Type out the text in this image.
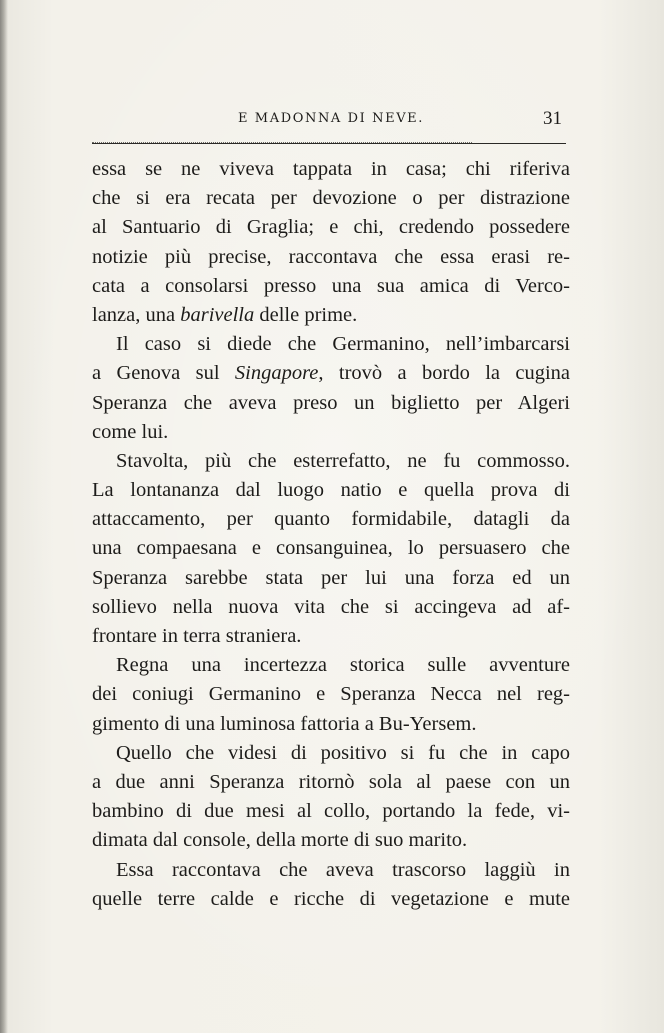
E MADONNA DI NEVE.	31
essa se ne viveva tappata in casa; chi riferiva
che si era recata per devozione o per distrazione
al Santuario di Graglia; e chi, credendo possedere
notizie più precise, raccontava che essa erasi re-
cata a consolarsi presso una sua amica di Verco-
lanza, una barivella delle prime.
Il caso si diede che Germanino, nell’imbarcarsi
a Genova sul Singapore, trovò a bordo la cugina
Speranza che aveva preso un biglietto per Algeri
come lui.
Stavolta, più che esterrefatto, ne fu commosso.
La lontananza dal luogo natio e quella prova di
attaccamento, per quanto formidabile, datagli da
una compaesana e consanguinea, lo persuasero che
Speranza sarebbe stata per lui una forza ed un
sollievo nella nuova vita che si accingeva ad af-
frontare in terra straniera.
Regna una incertezza storica sulle avventure
dei coniugi Germanino e Speranza Necca nel reg-
gimento di una luminosa fattoria a Bu-Yersem.
Quello che videsi di positivo si fu che in capo
a due anni Speranza ritornò sola al paese con un
bambino di due mesi al collo, portando la fede, vi-
dimata dal console, della morte di suo marito.
Essa raccontava che aveva trascorso laggiù in
quelle terre calde e ricche di vegetazione e mute
